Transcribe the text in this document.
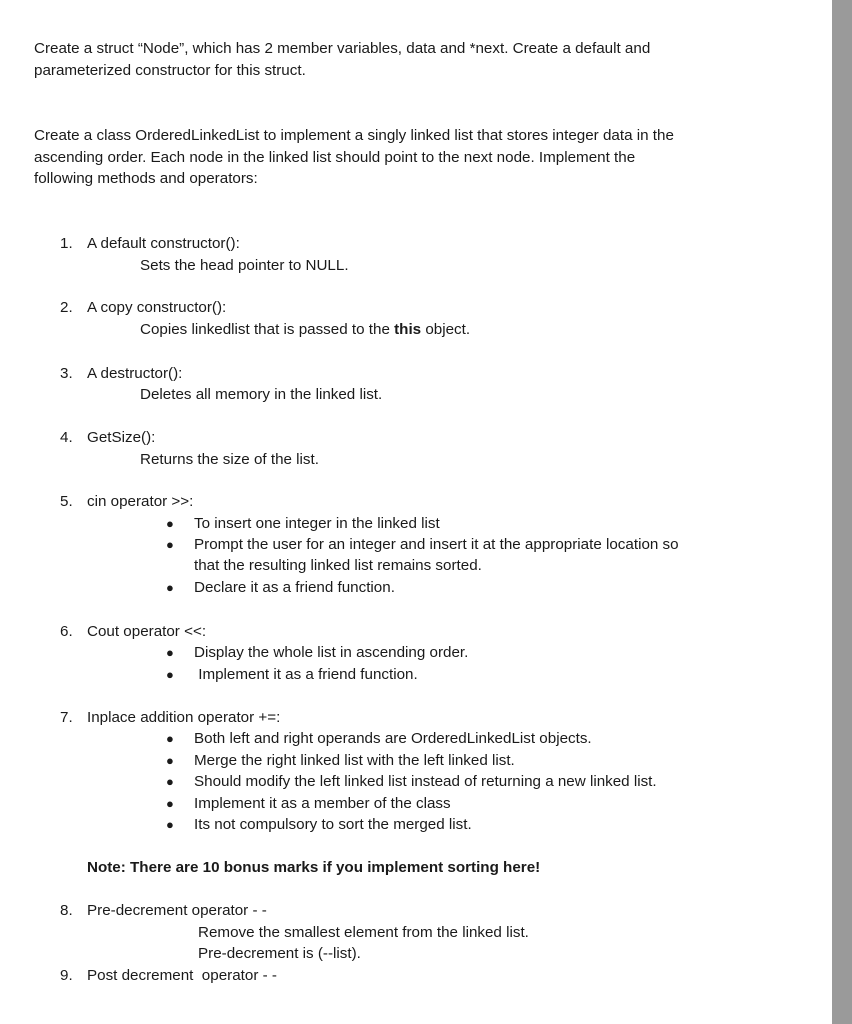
Create a struct “Node”, which has 2 member variables, data and *next. Create a default and
parameterized constructor for this struct.
Create a class OrderedLinkedList to implement a singly linked list that stores integer data in the
ascending order. Each node in the linked list should point to the next node. Implement the
following methods and operators:
1. A default constructor():
Sets the head pointer to NULL.
2. A copy constructor():
Copies linkedlist that is passed to the this object.
3. A destructor():
Deletes all memory in the linked list.
4. GetSize():
Returns the size of the list.
5. cin operator >>:
● To insert one integer in the linked list
● Prompt the user for an integer and insert it at the appropriate location so
that the resulting linked list remains sorted.
● Declare it as a friend function.
6. Cout operator <<:
● Display the whole list in ascending order.
● Implement it as a friend function.
7. Inplace addition operator +=:
● Both left and right operands are OrderedLinkedList objects.
● Merge the right linked list with the left linked list.
● Should modify the left linked list instead of returning a new linked list.
● Implement it as a member of the class
● Its not compulsory to sort the merged list.
Note: There are 10 bonus marks if you implement sorting here!
8. Pre-decrement operator - -
Remove the smallest element from the linked list.
Pre-decrement is (--list).
9. Post decrement  operator - -
